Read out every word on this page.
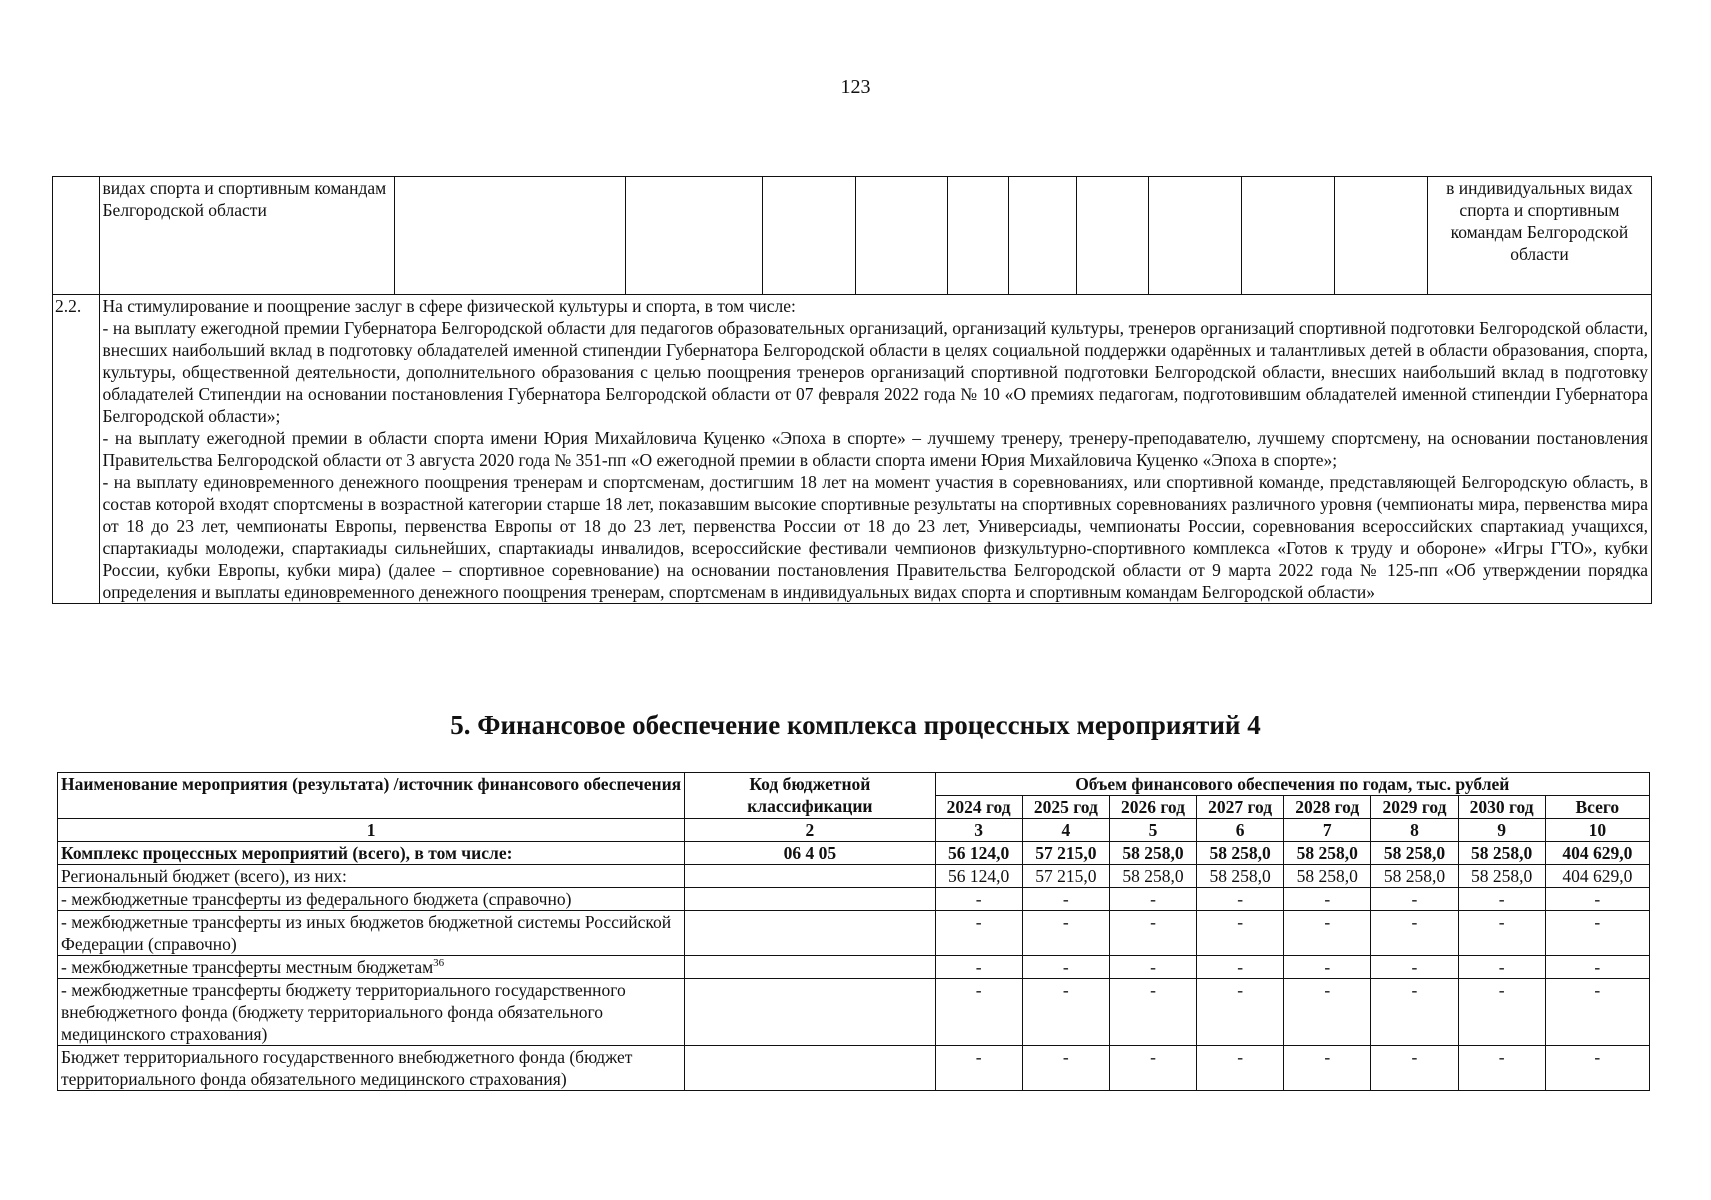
123
	видах спорта и спортивным командам Белгородской области											в индивидуальных видах спорта и спортивным командам Белгородской области
2.2.	На стимулирование и поощрение заслуг в сфере физической культуры и спорта, в том числе:

- на выплату ежегодной премии Губернатора Белгородской области для педагогов образовательных организаций, организаций культуры, тренеров организаций спортивной подготовки Белгородской области, внесших наибольший вклад в подготовку обладателей именной стипендии Губернатора Белгородской области в целях социальной поддержки одарённых и талантливых детей в области образования, спорта, культуры, общественной деятельности, дополнительного образования с целью поощрения тренеров организаций спортивной подготовки Белгородской области, внесших наибольший вклад в подготовку обладателей Стипендии на основании постановления Губернатора Белгородской области от 07 февраля 2022 года № 10 «О премиях педагогам, подготовившим обладателей именной стипендии Губернатора Белгородской области»;

- на выплату ежегодной премии в области спорта имени Юрия Михайловича Куценко «Эпоха в спорте» – лучшему тренеру, тренеру-преподавателю, лучшему спортсмену, на основании постановления Правительства Белгородской области от 3 августа 2020 года № 351-пп «О ежегодной премии в области спорта имени Юрия Михайловича Куценко «Эпоха в спорте»;

- на выплату единовременного денежного поощрения тренерам и спортсменам, достигшим 18 лет на момент участия в соревнованиях, или спортивной команде, представляющей Белгородскую область, в состав которой входят спортсмены в возрастной категории старше 18 лет, показавшим высокие спортивные результаты на спортивных соревнованиях различного уровня (чемпионаты мира, первенства мира от 18 до 23 лет, чемпионаты Европы, первенства Европы от 18 до 23 лет, первенства России от 18 до 23 лет, Универсиады, чемпионаты России, соревнования всероссийских спартакиад учащихся, спартакиады молодежи, спартакиады сильнейших, спартакиады инвалидов, всероссийские фестивали чемпионов физкультурно-спортивного комплекса «Готов к труду и обороне» «Игры ГТО», кубки России, кубки Европы, кубки мира) (далее – спортивное соревнование) на основании постановления Правительства Белгородской области от 9 марта 2022 года № 125-пп «Об утверждении порядка определения и выплаты единовременного денежного поощрения тренерам, спортсменам в индивидуальных видах спорта и спортивным командам Белгородской области»											

5. Финансовое обеспечение комплекса процессных мероприятий 4
Наименование мероприятия (результата) /источник финансового обеспечения	Код бюджетной классификации	Объем финансового обеспечения по годам, тыс. рублей							
		2024 год	2025 год	2026 год	2027 год	2028 год	2029 год	2030 год	Всего
1	2	3	4	5	6	7	8	9	10
Комплекс процессных мероприятий (всего), в том числе:	06 4 05	56 124,0	57 215,0	58 258,0	58 258,0	58 258,0	58 258,0	58 258,0	404 629,0
Региональный бюджет (всего), из них:		56 124,0	57 215,0	58 258,0	58 258,0	58 258,0	58 258,0	58 258,0	404 629,0
- межбюджетные трансферты из федерального бюджета (справочно)		-	-	-	-	-	-	-	-
- межбюджетные трансферты из иных бюджетов бюджетной системы Российской Федерации (справочно)		-	-	-	-	-	-	-	-
- межбюджетные трансферты местным бюджетам$^{36}$		-	-	-	-	-	-	-	-
- межбюджетные трансферты бюджету территориального государственного внебюджетного фонда (бюджету территориального фонда обязательного медицинского страхования)		-	-	-	-	-	-	-	-
Бюджет территориального государственного внебюджетного фонда (бюджет территориального фонда обязательного медицинского страхования)		-	-	-	-	-	-	-	-
